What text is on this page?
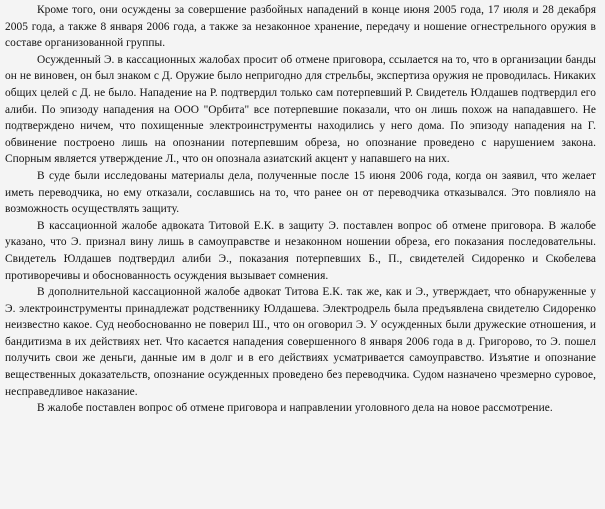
Кроме того, они осуждены за совершение разбойных нападений в конце июня 2005 года, 17 июля и 28 декабря 2005 года, а также 8 января 2006 года, а также за незаконное хранение, передачу и ношение огнестрельного оружия в составе организованной группы.

Осужденный Э. в кассационных жалобах просит об отмене приговора, ссылается на то, что в организации банды он не виновен, он был знаком с Д. Оружие было непригодно для стрельбы, экспертиза оружия не проводилась. Никаких общих целей с Д. не было. Нападение на Р. подтвердил только сам потерпевший Р. Свидетель Юлдашев подтвердил его алиби. По эпизоду нападения на ООО "Орбита" все потерпевшие показали, что он лишь похож на нападавшего. Не подтверждено ничем, что похищенные электроинструменты находились у него дома. По эпизоду нападения на Г. обвинение построено лишь на опознании потерпевшим обреза, но опознание проведено с нарушением закона. Спорным является утверждение Л., что он опознала азиатский акцент у напавшего на них.

В суде были исследованы материалы дела, полученные после 15 июня 2006 года, когда он заявил, что желает иметь переводчика, но ему отказали, сославшись на то, что ранее он от переводчика отказывался. Это повлияло на возможность осуществлять защиту.

В кассационной жалобе адвоката Титовой Е.К. в защиту Э. поставлен вопрос об отмене приговора. В жалобе указано, что Э. признал вину лишь в самоуправстве и незаконном ношении обреза, его показания последовательны. Свидетель Юлдашев подтвердил алиби Э., показания потерпевших Б., П., свидетелей Сидоренко и Скобелева противоречивы и обоснованность осуждения вызывает сомнения.

В дополнительной кассационной жалобе адвокат Титова Е.К. так же, как и Э., утверждает, что обнаруженные у Э. электроинструменты принадлежат родственнику Юлдашева. Электродрель была предъявлена свидетелю Сидоренко неизвестно какое. Суд необоснованно не поверил Ш., что он оговорил Э. У осужденных были дружеские отношения, и бандитизма в их действиях нет. Что касается нападения совершенного 8 января 2006 года в д. Григорово, то Э. пошел получить свои же деньги, данные им в долг и в его действиях усматривается самоуправство. Изъятие и опознание вещественных доказательств, опознание осужденных проведено без переводчика. Судом назначено чрезмерно суровое, несправедливое наказание.

В жалобе поставлен вопрос об отмене приговора и направлении уголовного дела на новое рассмотрение.
